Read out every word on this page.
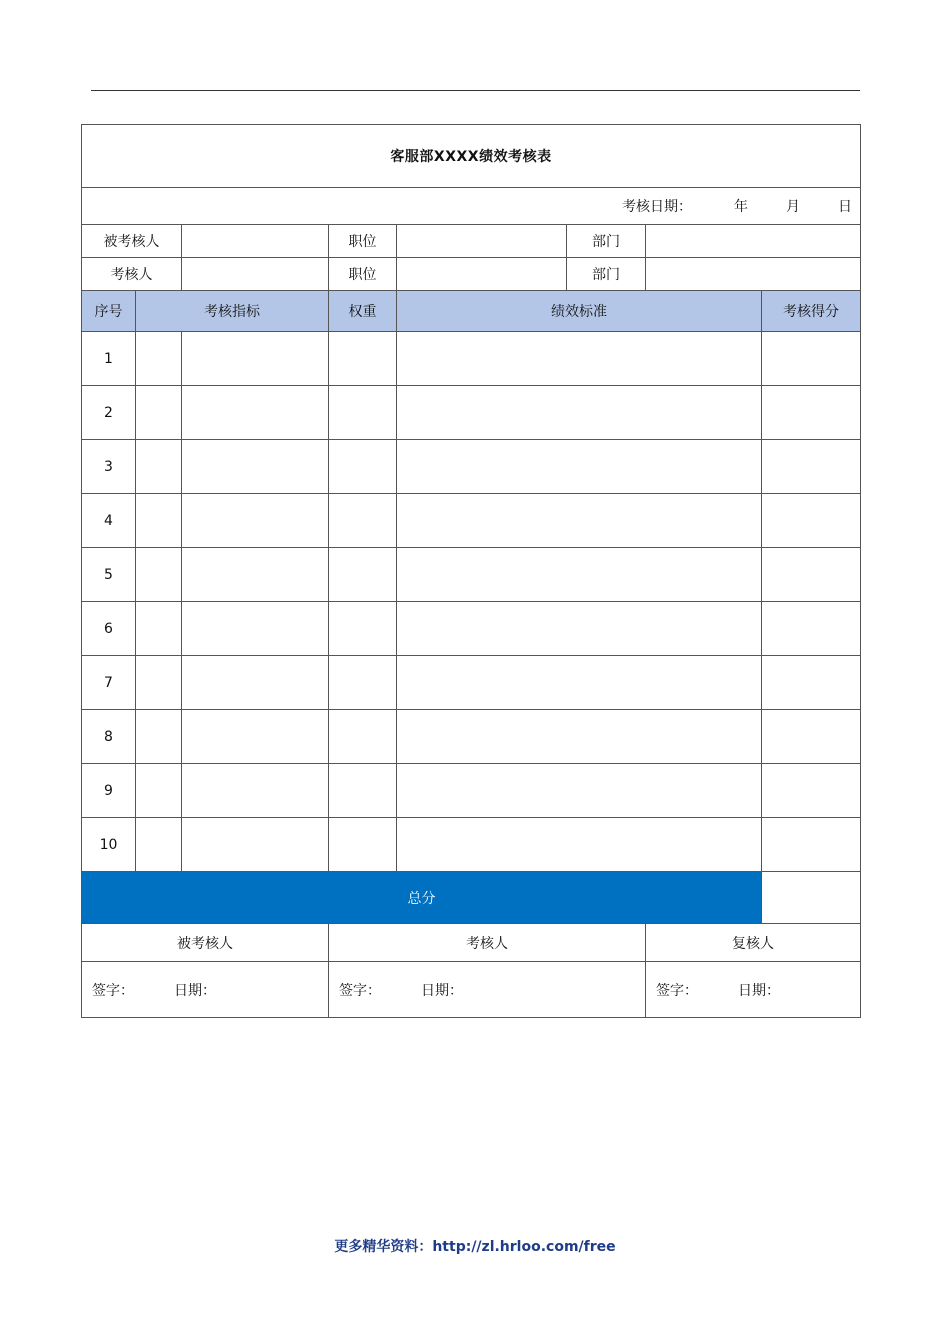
客服部XXXX绩效考核表							
考核日期： 年 月 日							
被考核人			职位		部门		
考核人			职位		部门		
序号	考核指标		权重	绩效标准			考核得分
1							
2							
3							
4							
5							
6							
7							
8							
9							
10							
总分							
被考核人			考核人			复核人	
签字： 日期：			签字： 日期：			签字： 日期：	
更多精华资料：http://zl.hrloo.com/free
